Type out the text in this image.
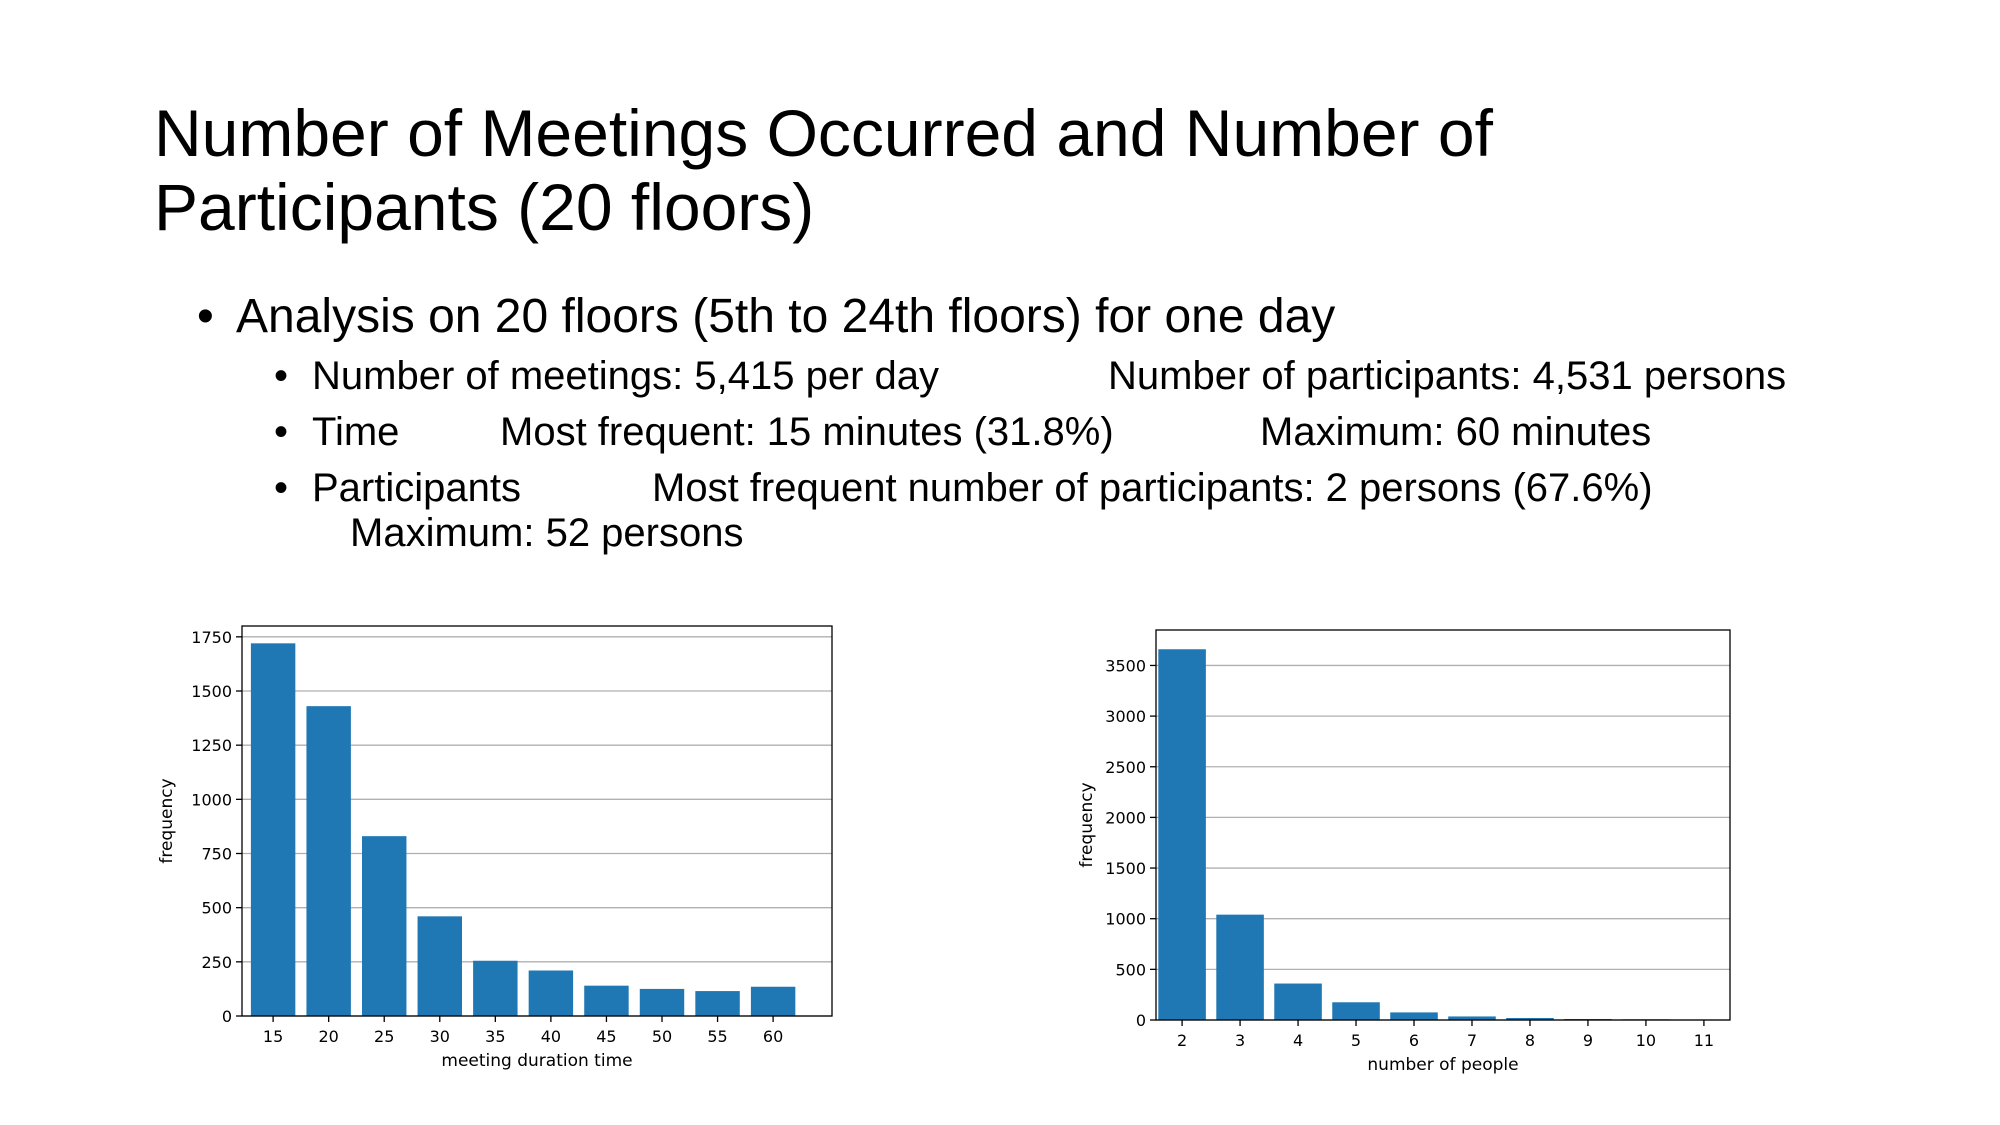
Number of Meetings Occurred and Number of
Participants (20 floors)
• Analysis on 20 floors (5th to 24th floors) for one day
• Number of meetings: 5,415 per day	Number of participants: 4,531 persons
• Time	Most frequent: 15 minutes (31.8%)	Maximum: 60 minutes
• Participants	Most frequent number of participants: 2 persons (67.6%)
Maximum: 52 persons
0
250
500
750
1000
1250
1500
1750
15 20 25 30 35 40 45 50 55 60
meeting duration time
frequency
0
500
1000
1500
2000
2500
3000
3500
2	3	4	5	6	7	8	9	10 11
number of people
frequency
